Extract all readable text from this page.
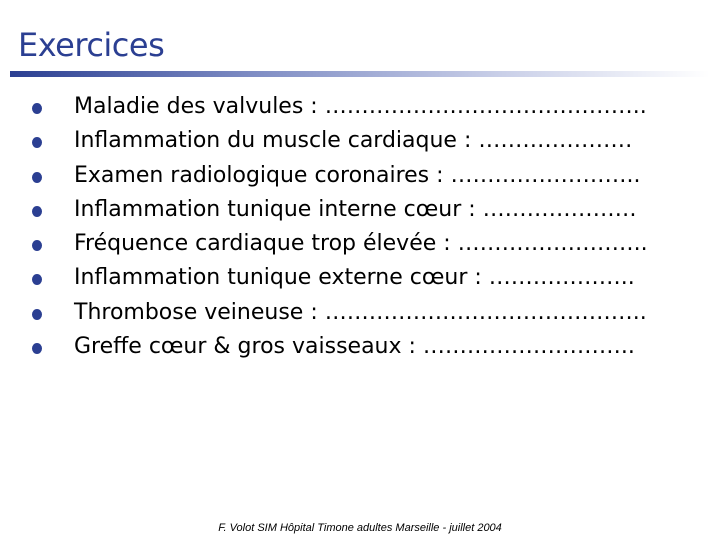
Exercices
Maladie des valvules : ……………………………………..
Inflammation du muscle cardiaque : …………………
Examen radiologique coronaires : ……………………..
Inflammation tunique interne cœur : …………………
Fréquence cardiaque trop élevée : ……………………..
Inflammation tunique externe cœur : ………………..
Thrombose veineuse : ……………………………………..
Greffe cœur & gros vaisseaux : ………………………..
F. Volot SIM Hôpital Timone adultes Marseille - juillet 2004
